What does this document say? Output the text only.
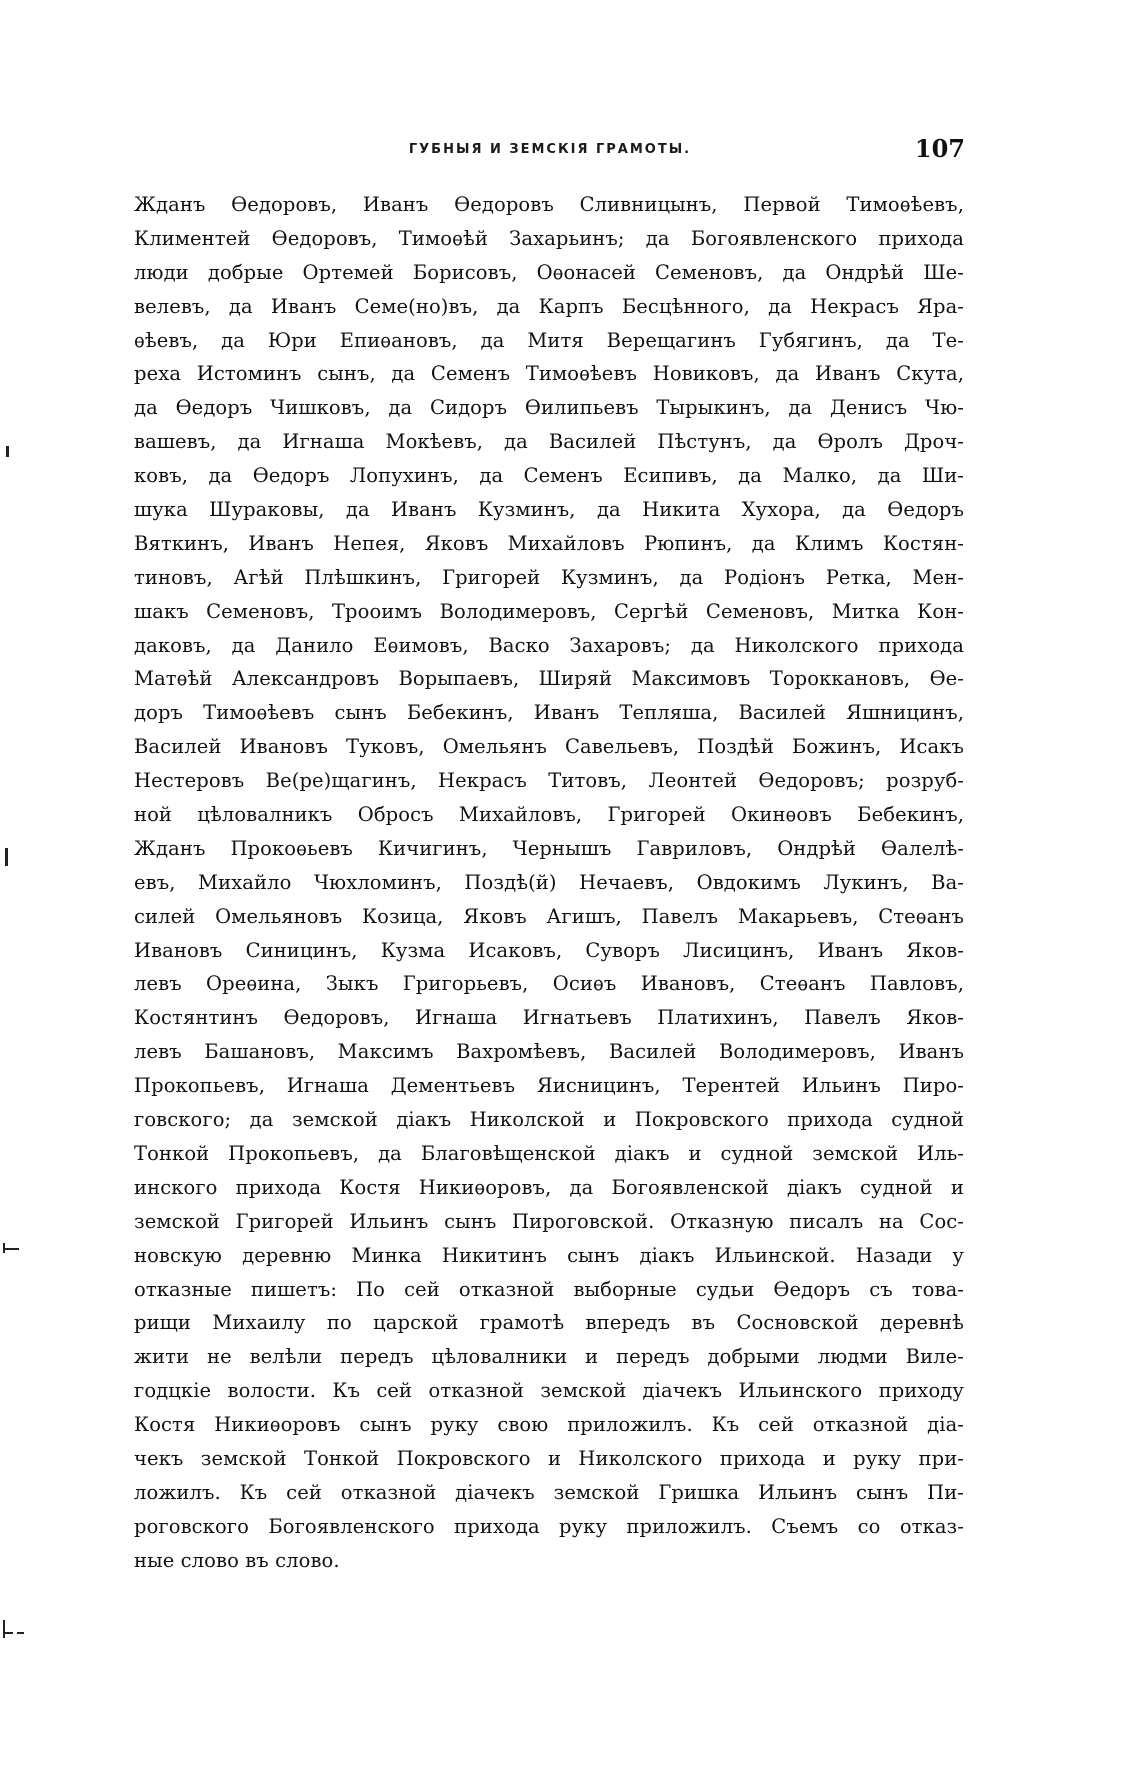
ГУБНЫЯ И ЗЕМСКІЯ ГРАМОТЫ.	107
Жданъ Ѳедоровъ, Иванъ Ѳедоровъ Сливницынъ, Первой Тимоѳѣевъ,
Климентей Ѳедоровъ, Тимоѳѣй Захарьинъ; да Богоявленского прихода
люди добрые Ортемей Борисовъ, Оѳонасей Семеновъ, да Ондрѣй Ше-
велевъ, да Иванъ Семе(но)въ, да Карпъ Бесцѣнного, да Некрасъ Яра-
ѳѣевъ, да Юри Епиѳановъ, да Митя Верещагинъ Губягинъ, да Те-
реха Истоминъ сынъ, да Семенъ Тимоѳѣевъ Новиковъ, да Иванъ Скута,
да Ѳедоръ Чишковъ, да Сидоръ Ѳилипьевъ Тырыкинъ, да Денисъ Чю-
вашевъ, да Игнаша Мокѣевъ, да Василей Пѣстунъ, да Ѳролъ Дроч-
ковъ, да Ѳедоръ Лопухинъ, да Семенъ Есипивъ, да Малко, да Ши-
шука Шураковы, да Иванъ Кузминъ, да Никита Хухора, да Ѳедоръ
Вяткинъ, Иванъ Непея, Яковъ Михайловъ Рюпинъ, да Климъ Костян-
тиновъ, Агѣй Плѣшкинъ, Григорей Кузминъ, да Родіонъ Ретка, Мен-
шакъ Семеновъ, Трооимъ Володимеровъ, Сергѣй Семеновъ, Митка Кон-
даковъ, да Данило Еѳимовъ, Васко Захаровъ; да Николского прихода
Матѳѣй Александровъ Ворыпаевъ, Ширяй Максимовъ Тороккановъ, Ѳе-
доръ Тимоѳѣевъ сынъ Бебекинъ, Иванъ Тепляша, Василей Яшницинъ,
Василей Ивановъ Туковъ, Омельянъ Савельевъ, Поздѣй Божинъ, Исакъ
Нестеровъ Ве(ре)щагинъ, Некрасъ Титовъ, Леонтей Ѳедоровъ; розруб-
ной цѣловалникъ Обросъ Михайловъ, Григорей Окинѳовъ Бебекинъ,
Жданъ Прокоѳьевъ Кичигинъ, Чернышъ Гавриловъ, Ондрѣй Ѳалелѣ-
евъ, Михайло Чюхломинъ, Поздѣ(й) Нечаевъ, Овдокимъ Лукинъ, Ва-
силей Омельяновъ Козица, Яковъ Агишъ, Павелъ Макарьевъ, Стеѳанъ
Ивановъ Синицинъ, Кузма Исаковъ, Суворъ Лисицинъ, Иванъ Яков-
левъ Ореѳина, Зыкъ Григорьевъ, Осиѳъ Ивановъ, Стеѳанъ Павловъ,
Костянтинъ Ѳедоровъ, Игнаша Игнатьевъ Платихинъ, Павелъ Яков-
левъ Башановъ, Максимъ Вахромѣевъ, Василей Володимеровъ, Иванъ
Прокопьевъ, Игнаша Дементьевъ Яисницинъ, Терентей Ильинъ Пиро-
говского; да земской діакъ Николской и Покровского прихода судной
Тонкой Прокопьевъ, да Благовѣщенской діакъ и судной земской Иль-
инского прихода Костя Никиѳоровъ, да Богоявленской діакъ судной и
земской Григорей Ильинъ сынъ Пироговской. Отказную писалъ на Сос-
новскую деревню Минка Никитинъ сынъ діакъ Ильинской. Назади у
отказные пишетъ: По сей отказной выборные судьи Ѳедоръ съ това-
рищи Михаилу по царской грамотѣ впередъ въ Сосновской деревнѣ
жити не велѣли передъ цѣловалники и передъ добрыми людми Виле-
годцкіе волости. Къ сей отказной земской діачекъ Ильинского приходу
Костя Никиѳоровъ сынъ руку свою приложилъ. Къ сей отказной діа-
чекъ земской Тонкой Покровского и Николского прихода и руку при-
ложилъ. Къ сей отказной діачекъ земской Гришка Ильинъ сынъ Пи-
роговского Богоявленского прихода руку приложилъ. Съемъ со отказ-
ные слово въ слово.
